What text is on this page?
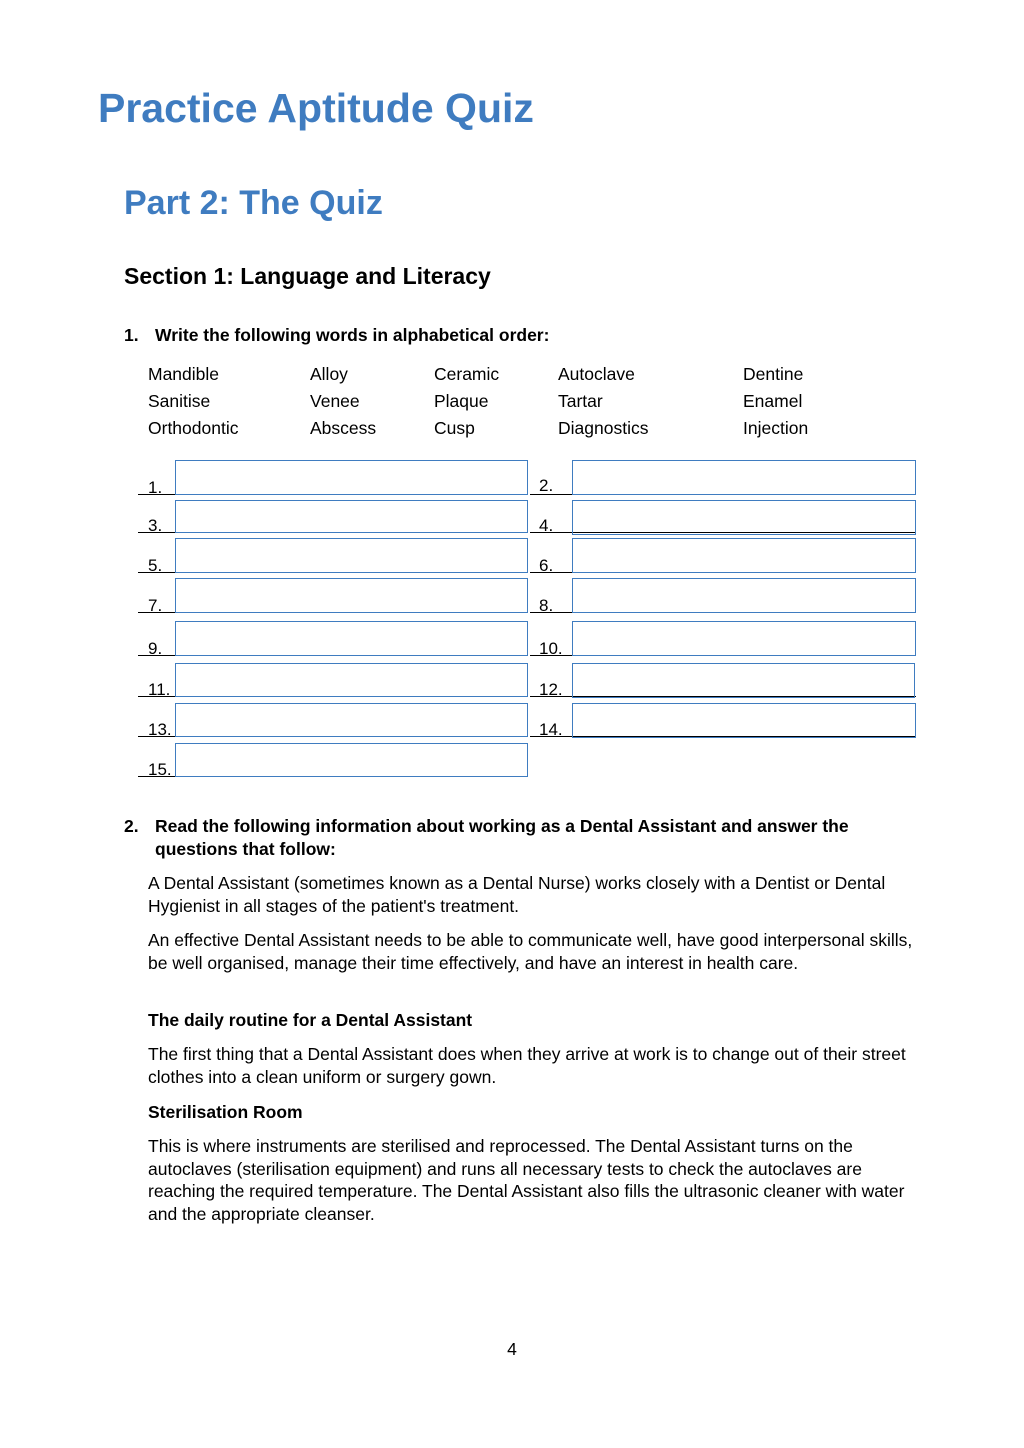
Practice Aptitude Quiz
Part 2: The Quiz
Section 1: Language and Literacy
1. Write the following words in alphabetical order:
Mandible	Alloy	Ceramic	Autoclave	Dentine
Sanitise	Venee	Plaque	Tartar	Enamel
Orthodontic	Abscess	Cusp	Diagnostics	Injection
1.	2.
3.	4.
5.	6.
7.	8.
9.	10.
11.	12.
13.	14.
15.
2. Read the following information about working as a Dental Assistant and answer the
questions that follow:

A Dental Assistant (sometimes known as a Dental Nurse) works closely with a Dentist or Dental Hygienist in all stages of the patient's treatment.

An effective Dental Assistant needs to be able to communicate well, have good interpersonal skills, be well organised, manage their time effectively, and have an interest in health care.

The daily routine for a Dental Assistant

The first thing that a Dental Assistant does when they arrive at work is to change out of their street clothes into a clean uniform or surgery gown.

Sterilisation Room

This is where instruments are sterilised and reprocessed. The Dental Assistant turns on the autoclaves (sterilisation equipment) and runs all necessary tests to check the autoclaves are reaching the required temperature. The Dental Assistant also fills the ultrasonic cleaner with water and the appropriate cleanser.

4
